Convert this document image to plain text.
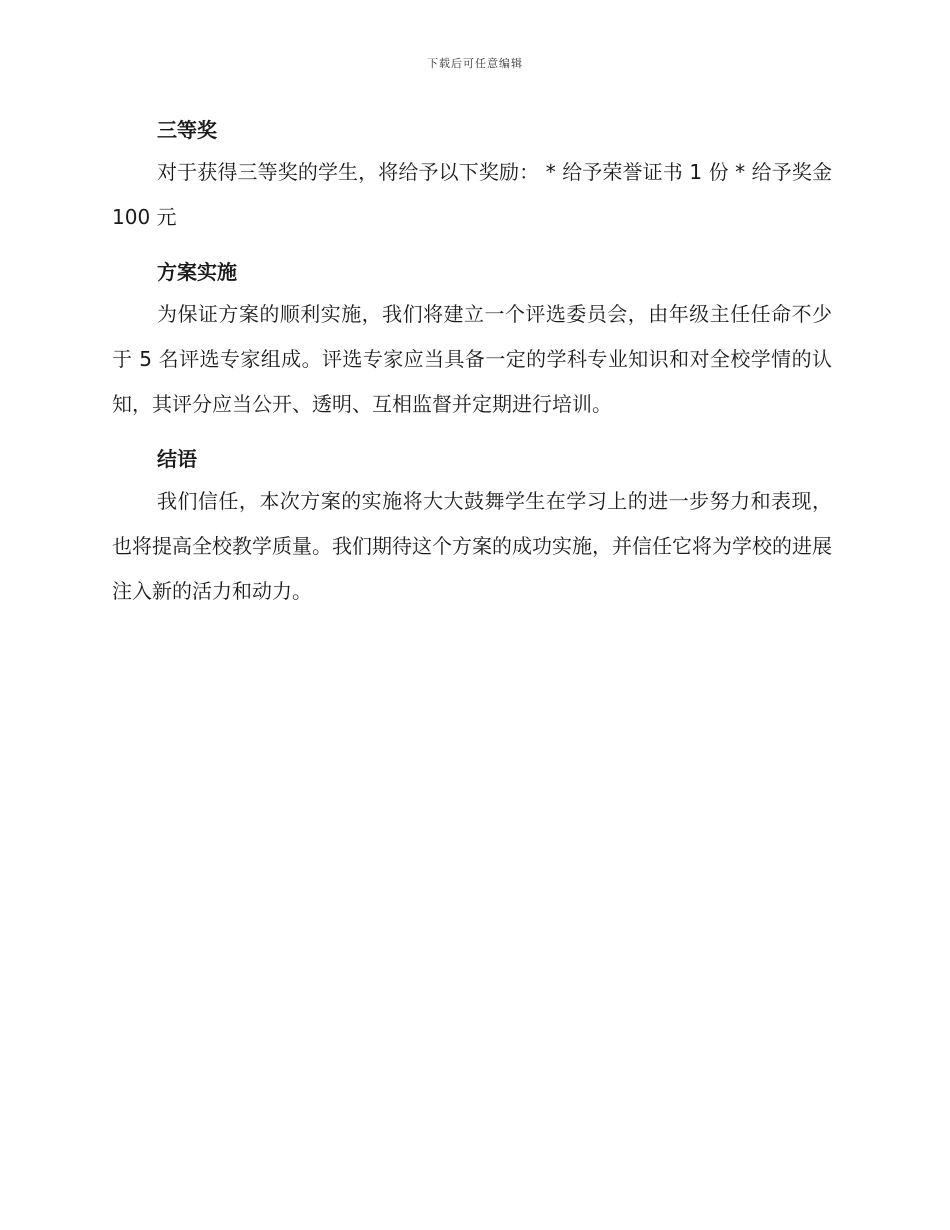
下载后可任意编辑
三等奖

对于获得三等奖的学生，将给予以下奖励： * 给予荣誉证书 1 份 * 给予奖金 100 元

方案实施

为保证方案的顺利实施，我们将建立一个评选委员会，由年级主任任命不少于 5 名评选专家组成。评选专家应当具备一定的学科专业知识和对全校学情的认知，其评分应当公开、透明、互相监督并定期进行培训。

结语

我们信任，本次方案的实施将大大鼓舞学生在学习上的进一步努力和表现，也将提高全校教学质量。我们期待这个方案的成功实施，并信任它将为学校的进展注入新的活力和动力。
